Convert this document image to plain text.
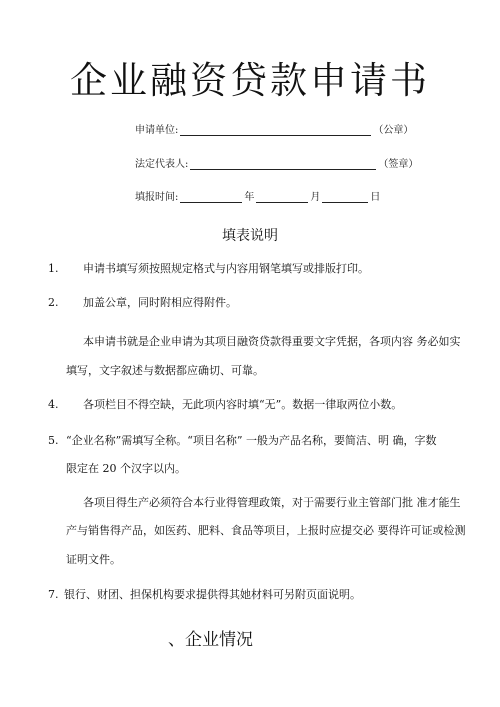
企业融资贷款申请书
申请单位:	（公章）
法定代表人:	（签章）
填报时间:	年	月	日
填表说明
1. 申请书填写须按照规定格式与内容用钢笔填写或排版打印。

2. 加盖公章，同时附相应得附件。

本申请书就是企业申请为其项目融资贷款得重要文字凭据，各项内容 务必如实

填写，文字叙述与数据都应确切、可靠。

4. 各项栏目不得空缺，无此项内容时填“无”。数据一律取两位小数。

5. “企业名称”需填写全称。“项目名称” 一般为产品名称，要简洁、明 确，字数

限定在 20 个汉字以内。

各项目得生产必须符合本行业得管理政策，对于需要行业主管部门批 准才能生

产与销售得产品，如医药、肥料、食品等项目，上报时应提交必 要得许可证或检测

证明文件。

7. 银行、财团、担保机构要求提供得其她材料可另附页面说明。

、企业情况
